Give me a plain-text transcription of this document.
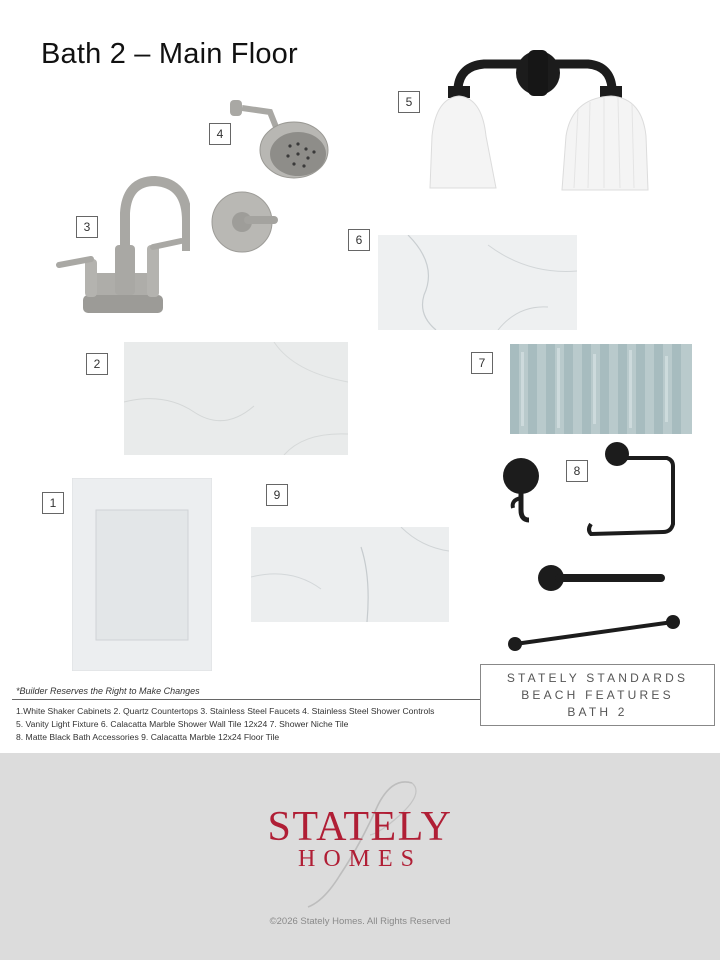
Bath 2 – Main Floor
5
4
3
6
2	7
8
1
9
*Builder Reserves the Right to Make Changes
1.White Shaker Cabinets 2. Quartz Countertops 3. Stainless Steel Faucets 4. Stainless Steel Shower Controls
5. Vanity Light Fixture 6. Calacatta Marble Shower Wall Tile 12x24 7. Shower Niche Tile
8. Matte Black Bath Accessories 9. Calacatta Marble 12x24 Floor Tile
STATELY STANDARDS
BEACH FEATURES
BATH 2
STATELY
HOMES
©2026 Stately Homes. All Rights Reserved
